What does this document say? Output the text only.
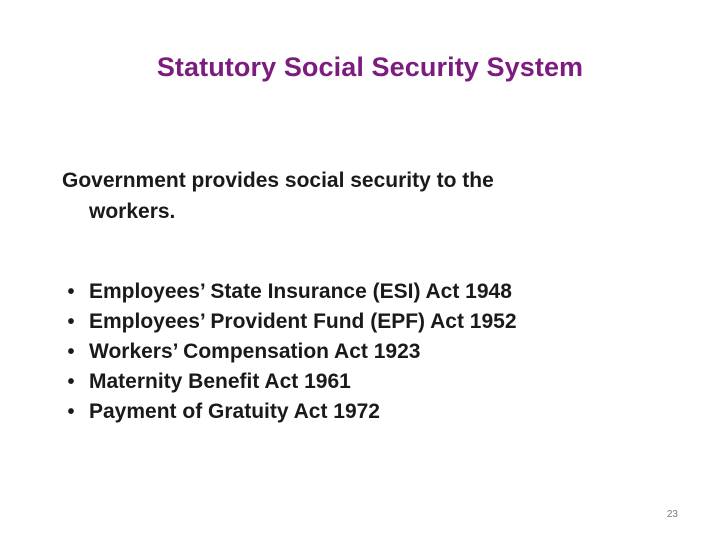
Statutory Social Security System
Government provides social security to the
workers.
• Employees’ State Insurance (ESI) Act 1948
• Employees’ Provident Fund (EPF) Act 1952
• Workers’ Compensation Act 1923
• Maternity Benefit Act 1961
• Payment of Gratuity Act 1972
23
